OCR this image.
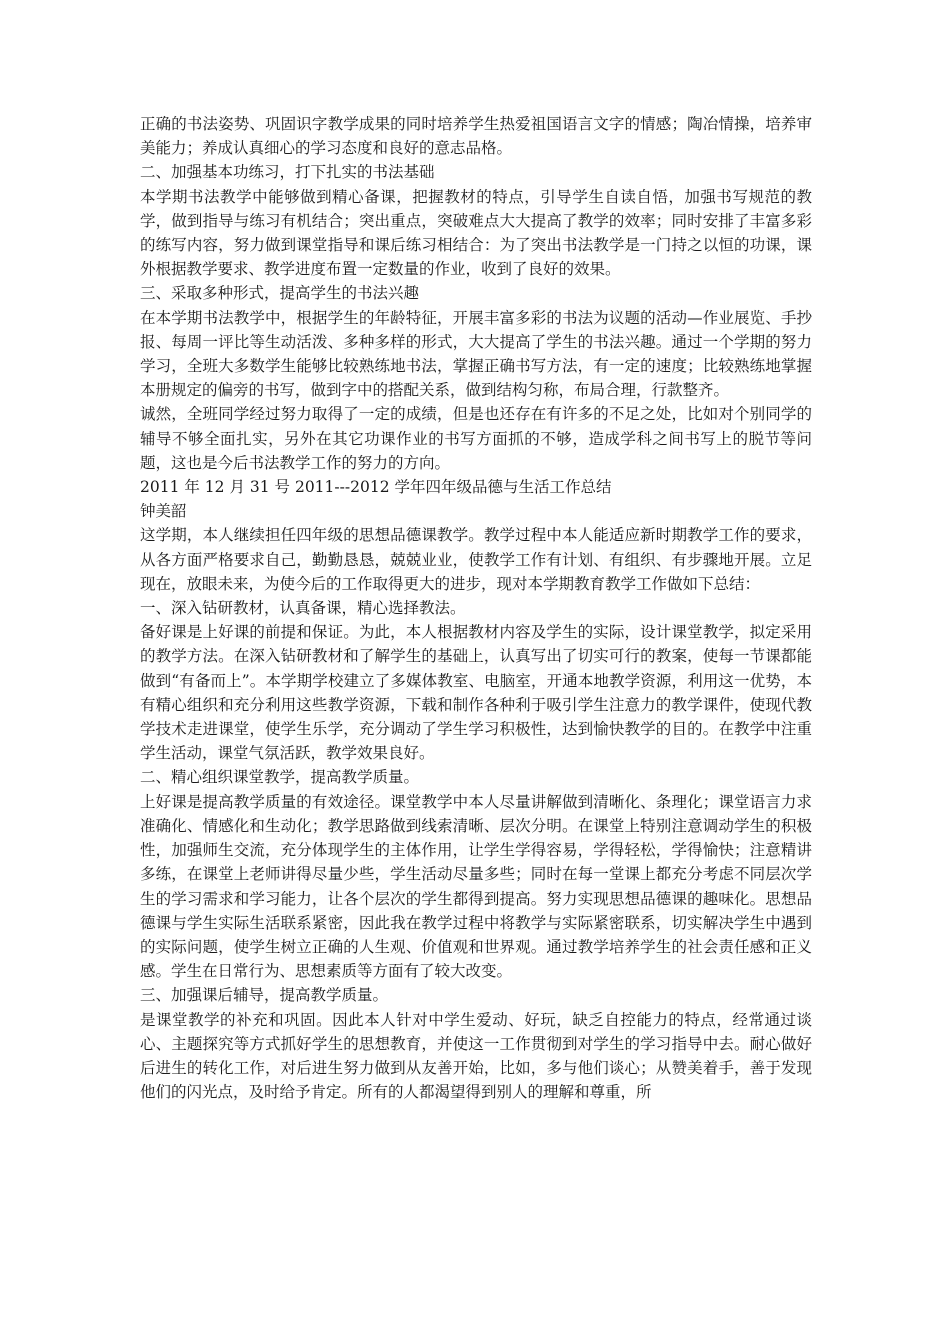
正确的书法姿势、巩固识字教学成果的同时培养学生热爱祖国语言文字的情感；陶冶情操，培养审美能力；养成认真细心的学习态度和良好的意志品格。

二、加强基本功练习，打下扎实的书法基础

本学期书法教学中能够做到精心备课，把握教材的特点，引导学生自读自悟，加强书写规范的教学，做到指导与练习有机结合；突出重点，突破难点大大提高了教学的效率；同时安排了丰富多彩的练写内容，努力做到课堂指导和课后练习相结合：为了突出书法教学是一门持之以恒的功课，课外根据教学要求、教学进度布置一定数量的作业，收到了良好的效果。

三、采取多种形式，提高学生的书法兴趣

在本学期书法教学中，根据学生的年龄特征，开展丰富多彩的书法为议题的活动—作业展览、手抄报、每周一评比等生动活泼、多种多样的形式，大大提高了学生的书法兴趣。通过一个学期的努力学习，全班大多数学生能够比较熟练地书法，掌握正确书写方法，有一定的速度；比较熟练地掌握本册规定的偏旁的书写，做到字中的搭配关系，做到结构匀称，布局合理，行款整齐。

诚然，全班同学经过努力取得了一定的成绩，但是也还存在有许多的不足之处，比如对个别同学的辅导不够全面扎实，另外在其它功课作业的书写方面抓的不够，造成学科之间书写上的脱节等问题，这也是今后书法教学工作的努力的方向。

2011 年 12 月 31 号 2011---2012 学年四年级品德与生活工作总结

钟美韶

这学期，本人继续担任四年级的思想品德课教学。教学过程中本人能适应新时期教学工作的要求，从各方面严格要求自己，勤勤恳恳，兢兢业业，使教学工作有计划、有组织、有步骤地开展。立足现在，放眼未来，为使今后的工作取得更大的进步，现对本学期教育教学工作做如下总结：

一、深入钻研教材，认真备课，精心选择教法。

备好课是上好课的前提和保证。为此，本人根据教材内容及学生的实际，设计课堂教学，拟定采用的教学方法。在深入钻研教材和了解学生的基础上，认真写出了切实可行的教案，使每一节课都能做到“有备而上”。本学期学校建立了多媒体教室、电脑室，开通本地教学资源，利用这一优势，本有精心组织和充分利用这些教学资源，下载和制作各种利于吸引学生注意力的教学课件，使现代教学技术走进课堂，使学生乐学，充分调动了学生学习积极性，达到愉快教学的目的。在教学中注重学生活动，课堂气氛活跃，教学效果良好。

二、精心组织课堂教学，提高教学质量。

上好课是提高教学质量的有效途径。课堂教学中本人尽量讲解做到清晰化、条理化；课堂语言力求准确化、情感化和生动化；教学思路做到线索清晰、层次分明。在课堂上特别注意调动学生的积极性，加强师生交流，充分体现学生的主体作用，让学生学得容易，学得轻松，学得愉快；注意精讲多练，在课堂上老师讲得尽量少些，学生活动尽量多些；同时在每一堂课上都充分考虑不同层次学生的学习需求和学习能力，让各个层次的学生都得到提高。努力实现思想品德课的趣味化。思想品德课与学生实际生活联系紧密，因此我在教学过程中将教学与实际紧密联系，切实解决学生中遇到的实际问题，使学生树立正确的人生观、价值观和世界观。通过教学培养学生的社会责任感和正义感。学生在日常行为、思想素质等方面有了较大改变。

三、加强课后辅导，提高教学质量。

是课堂教学的补充和巩固。因此本人针对中学生爱动、好玩，缺乏自控能力的特点，经常通过谈心、主题探究等方式抓好学生的思想教育，并使这一工作贯彻到对学生的学习指导中去。耐心做好后进生的转化工作，对后进生努力做到从友善开始，比如，多与他们谈心；从赞美着手，善于发现他们的闪光点，及时给予肯定。所有的人都渴望得到别人的理解和尊重，所
